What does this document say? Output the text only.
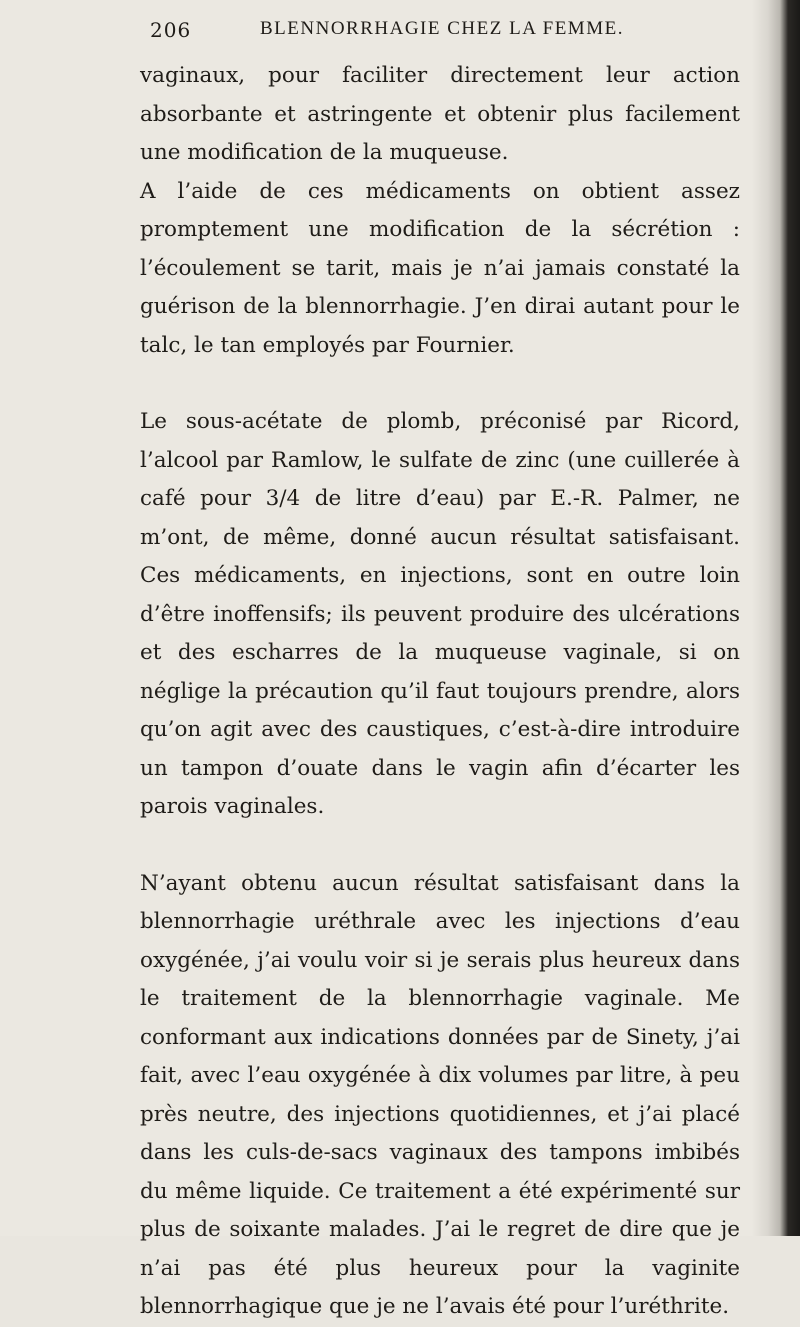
206	BLENNORRHAGIE CHEZ LA FEMME.

vaginaux, pour faciliter directement leur action absorbante et astringente et obtenir plus facilement une modification de la muqueuse.

A l’aide de ces médicaments on obtient assez promptement une modification de la sécrétion : l’écoulement se tarit, mais je n’ai jamais constaté la guérison de la blennorrhagie. J’en dirai autant pour le talc, le tan employés par Fournier.

Le sous-acétate de plomb, préconisé par Ricord, l’alcool par Ramlow, le sulfate de zinc (une cuillerée à café pour 3/4 de litre d’eau) par E.-R. Palmer, ne m’ont, de même, donné aucun résultat satisfaisant. Ces médicaments, en injections, sont en outre loin d’être inoffensifs; ils peuvent produire des ulcérations et des escharres de la muqueuse vaginale, si on néglige la précaution qu’il faut toujours prendre, alors qu’on agit avec des caustiques, c’est-à-dire introduire un tampon d’ouate dans le vagin afin d’écarter les parois vaginales.

N’ayant obtenu aucun résultat satisfaisant dans la blennorrhagie uréthrale avec les injections d’eau oxygénée, j’ai voulu voir si je serais plus heureux dans le traitement de la blennorrhagie vaginale. Me conformant aux indications données par de Sinety, j’ai fait, avec l’eau oxygénée à dix volumes par litre, à peu près neutre, des injections quotidiennes, et j’ai placé dans les culs-de-sacs vaginaux des tampons imbibés du même liquide. Ce traitement a été expérimenté sur plus de soixante malades. J’ai le regret de dire que je n’ai pas été plus heureux pour la vaginite blennorrhagique que je ne l’avais été pour l’uréthrite.
